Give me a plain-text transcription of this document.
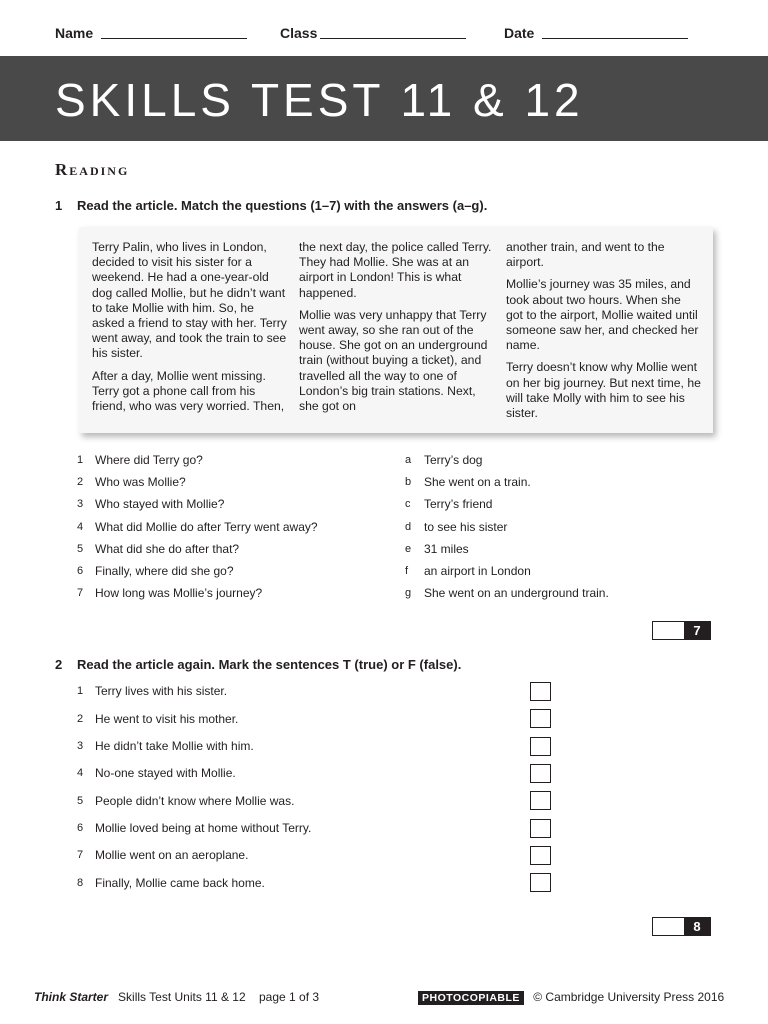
Name	Class	Date
SKILLS TEST 11 & 12
Reading
1 Read the article. Match the questions (1–7) with the answers (a–g).

Terry Palin, who lives in London, decided to visit his sister for a weekend. He had a one-year-old dog called Mollie, but he didn’t want to take Mollie with him. So, he asked a friend to stay with her. Terry went away, and took the train to see his sister.

After a day, Mollie went missing. Terry got a phone call from his friend, who was very worried. Then,

the next day, the police called Terry. They had Mollie. She was at an airport in London! This is what happened.

Mollie was very unhappy that Terry went away, so she ran out of the house. She got on an underground train (without buying a ticket), and travelled all the way to one of London’s big train stations. Next, she got on

another train, and went to the airport.

Mollie’s journey was 35 miles, and took about two hours. When she got to the airport, Mollie waited until someone saw her, and checked her name.

Terry doesn’t know why Mollie went on her big journey. But next time, he will take Molly with him to see his sister.

1 Where did Terry go?
2 Who was Mollie?
3 Who stayed with Mollie?
4 What did Mollie do after Terry went away?
5 What did she do after that?
6 Finally, where did she go?
7 How long was Mollie’s journey?
a	Terry’s dog
b	She went on a train.
c	Terry’s friend
d	to see his sister
e	31 miles
f	an airport in London
g	She went on an underground train.
7
2 Read the article again. Mark the sentences T (true) or F (false).
1 Terry lives with his sister.
2 He went to visit his mother.
3 He didn’t take Mollie with him.
4 No-one stayed with Mollie.
5 People didn’t know where Mollie was.
6 Mollie loved being at home without Terry.
7 Mollie went on an aeroplane.
8 Finally, Mollie came back home.
8
Think Starter Skills Test Units 11 & 12 page 1 of 3	PHOTOCOPIABLE © Cambridge University Press 2016
